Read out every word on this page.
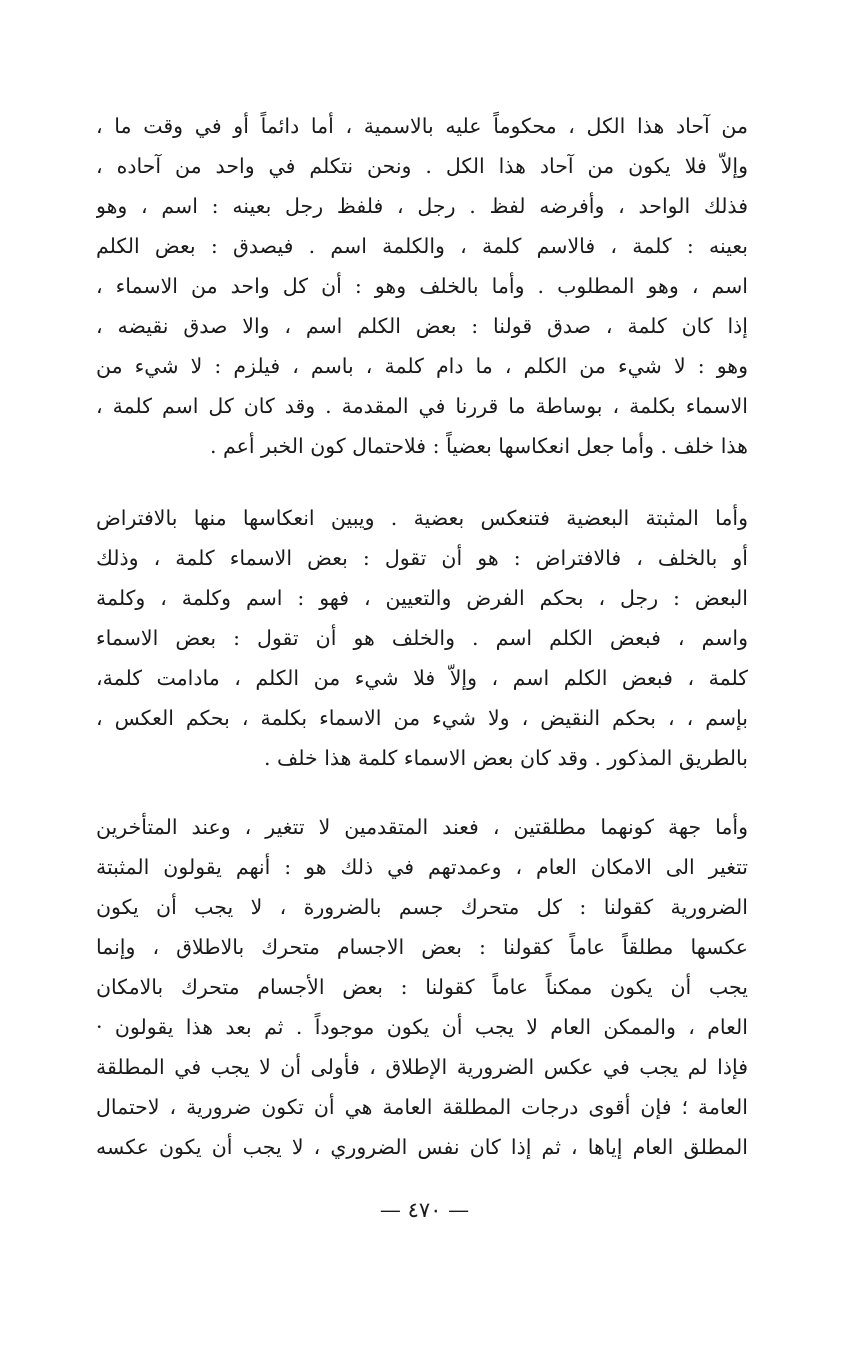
من آحاد هذا الكل ، محكوماً عليه بالاسمية ، أما دائماً أو في وقت ما ،
وإلاّ فلا يكون من آحاد هذا الكل . ونحن نتكلم في واحد من آحاده ،
فذلك الواحد ، وأفرضه لفظ . رجل ، فلفظ رجل بعينه : اسم ، وهو
بعينه : كلمة ، فالاسم كلمة ، والكلمة اسم . فيصدق : بعض الكلم
اسم ، وهو المطلوب . وأما بالخلف وهو : أن كل واحد من الاسماء ،
إذا كان كلمة ، صدق قولنا : بعض الكلم اسم ، والا صدق نقيضه ،
وهو : لا شيء من الكلم ، ما دام كلمة ، باسم ، فيلزم : لا شيء من
الاسماء بكلمة ، بوساطة ما قررنا في المقدمة . وقد كان كل اسم كلمة ،
هذا خلف . وأما جعل انعكاسها بعضياً : فلاحتمال كون الخبر أعم .
وأما المثبتة البعضية فتنعكس بعضية . ويبين انعكاسها منها بالافتراض
أو بالخلف ، فالافتراض : هو أن تقول : بعض الاسماء كلمة ، وذلك
البعض : رجل ، بحكم الفرض والتعيين ، فهو : اسم وكلمة ، وكلمة
واسم ، فبعض الكلم اسم . والخلف هو أن تقول : بعض الاسماء
كلمة ، فبعض الكلم اسم ، وإلاّ فلا شيء من الكلم ، مادامت كلمة،
بإسم ، ، بحكم النقيض ، ولا شيء من الاسماء بكلمة ، بحكم العكس ،
بالطريق المذكور . وقد كان بعض الاسماء كلمة هذا خلف .
وأما جهة كونهما مطلقتين ، فعند المتقدمين لا تتغير ، وعند المتأخرين
تتغير الى الامكان العام ، وعمدتهم في ذلك هو : أنهم يقولون المثبتة
الضرورية كقولنا : كل متحرك جسم بالضرورة ، لا يجب أن يكون
عكسها مطلقاً عاماً كقولنا : بعض الاجسام متحرك بالاطلاق ، وإنما
يجب أن يكون ممكناً عاماً كقولنا : بعض الأجسام متحرك بالامكان
العام ، والممكن العام لا يجب أن يكون موجوداً . ثم بعد هذا يقولون ·
فإذا لم يجب في عكس الضرورية الإطلاق ، فأولى أن لا يجب في المطلقة
العامة ؛ فإن أقوى درجات المطلقة العامة هي أن تكون ضرورية ، لاحتمال
المطلق العام إياها ، ثم إذا كان نفس الضروري ، لا يجب أن يكون عكسه
— ٤٧٠ —
